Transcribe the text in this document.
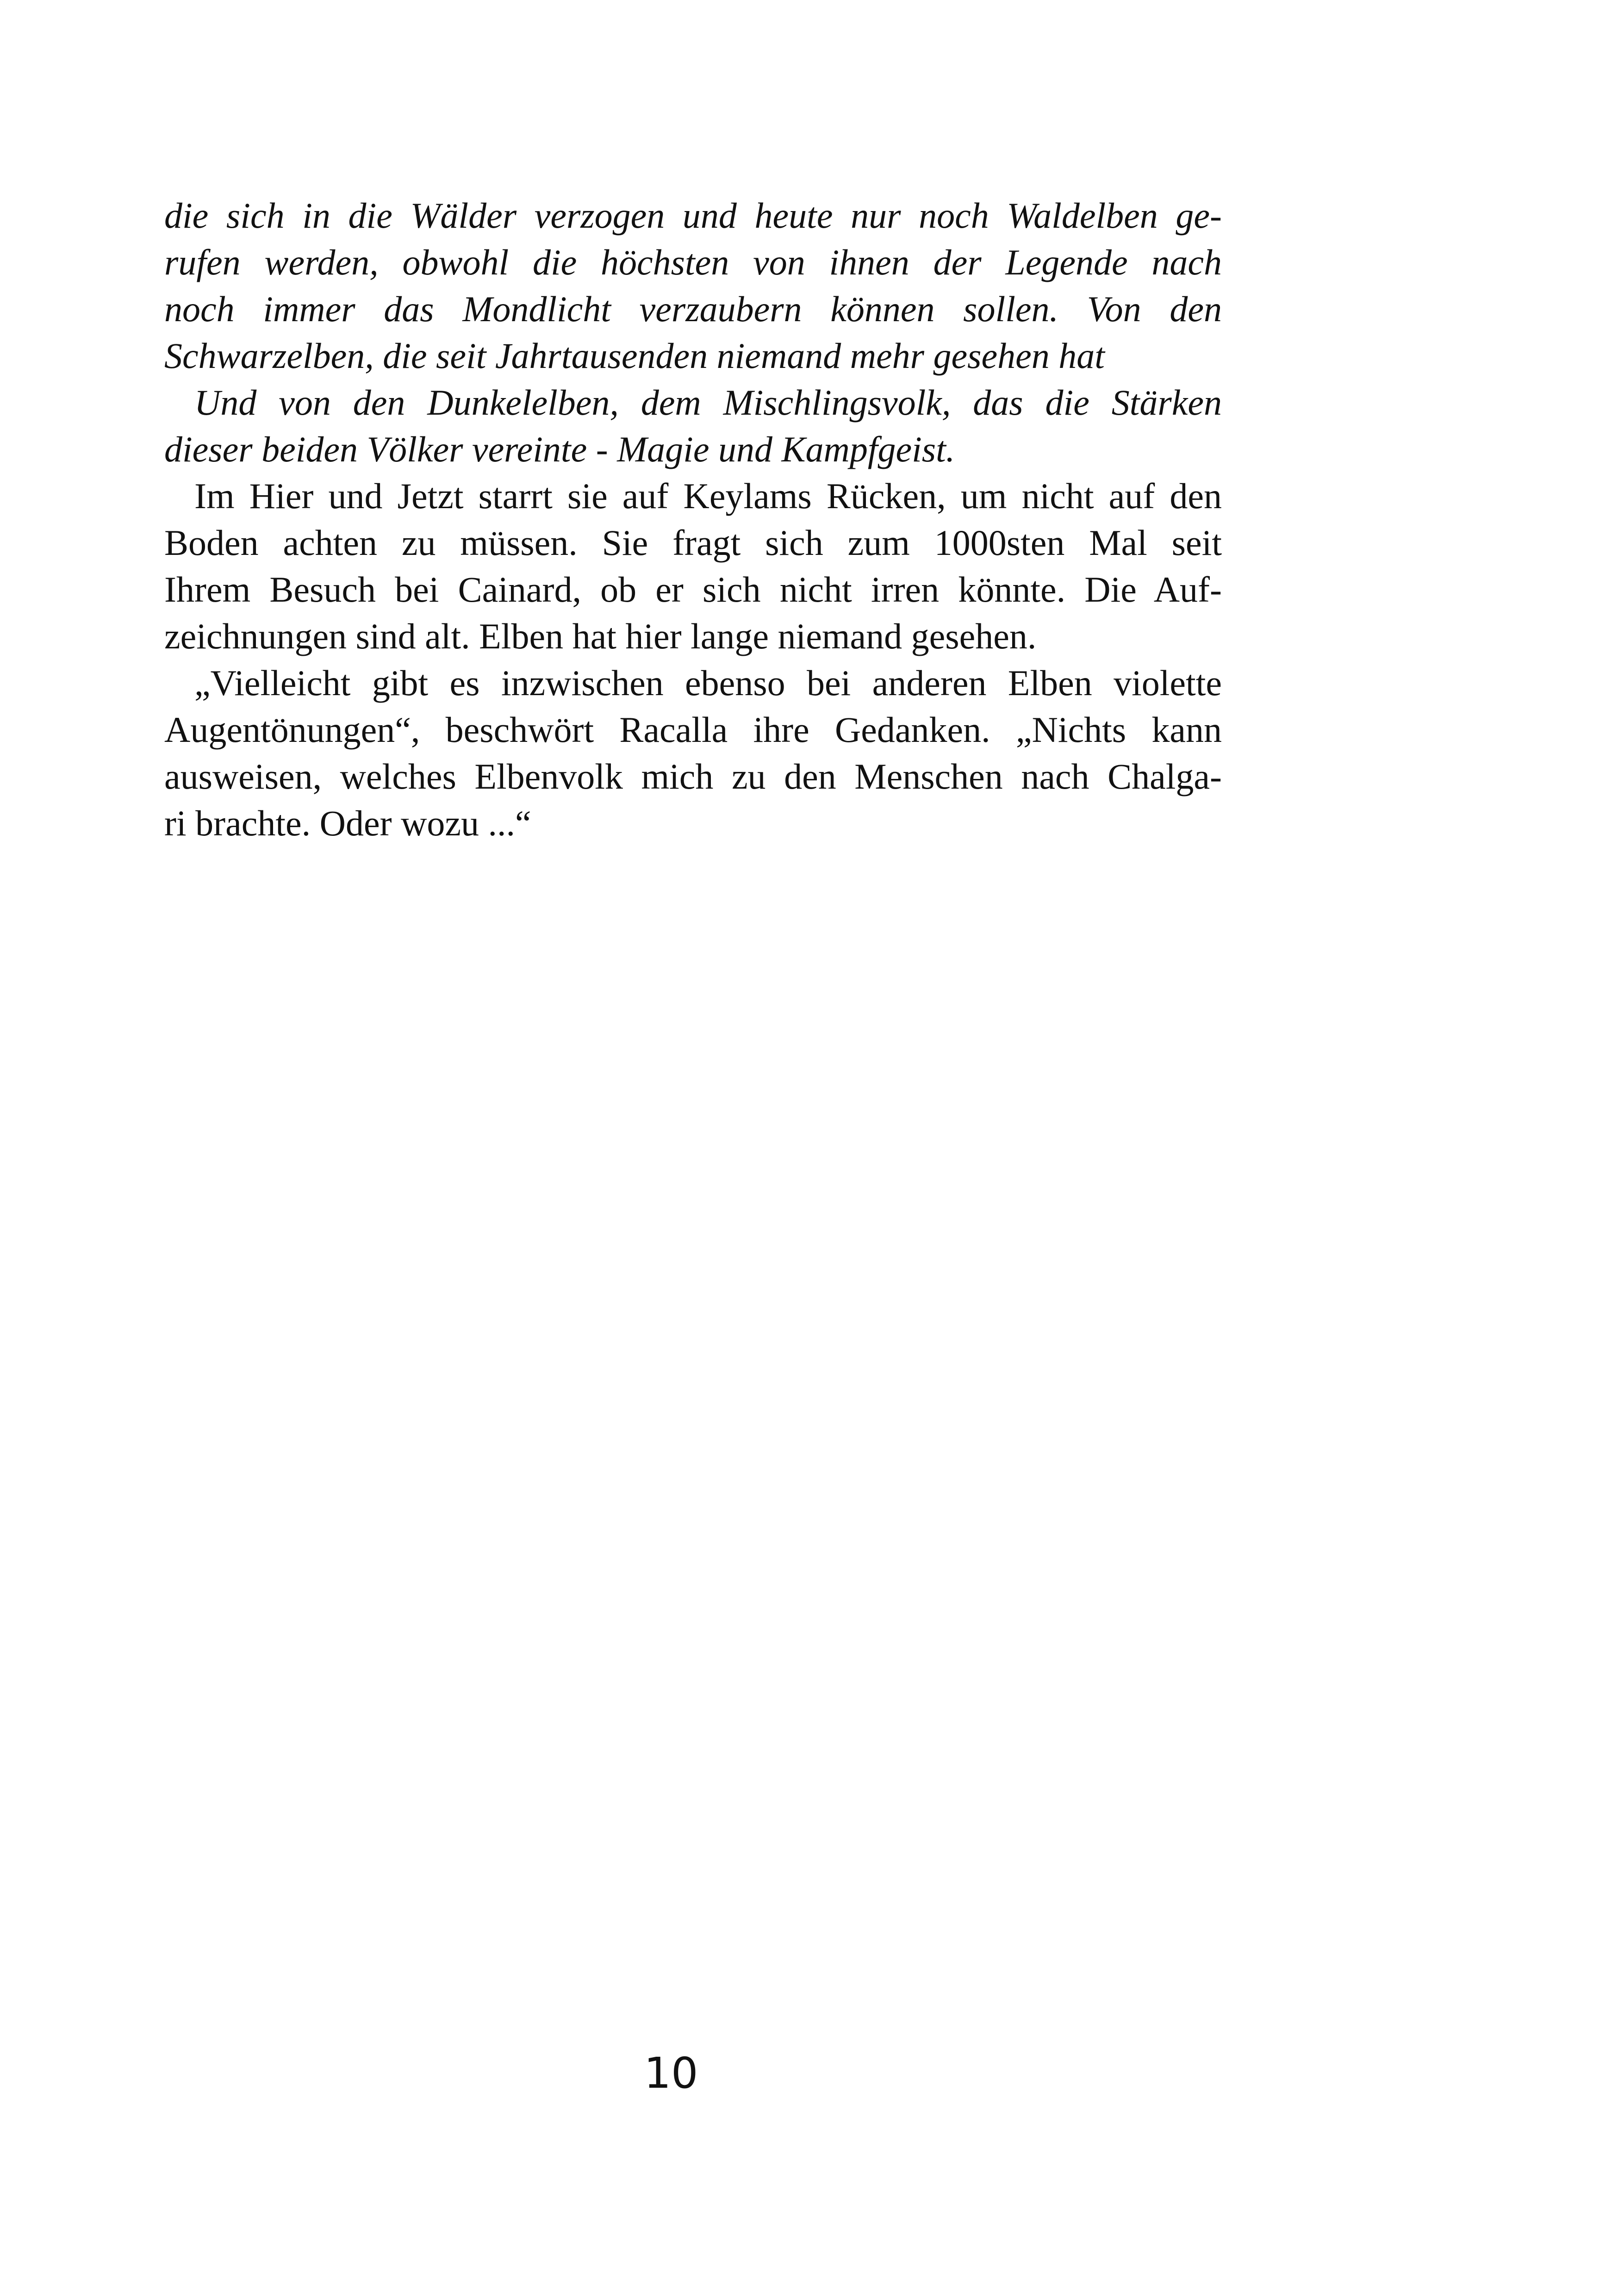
die sich in die Wälder verzogen und heute nur noch Waldelben ge-
rufen werden, obwohl die höchsten von ihnen der Legende nach
noch immer das Mondlicht verzaubern können sollen. Von den
Schwarzelben, die seit Jahrtausenden niemand mehr gesehen hat

Und von den Dunkelelben, dem Mischlingsvolk, das die Stärken
dieser beiden Völker vereinte - Magie und Kampfgeist.

Im Hier und Jetzt starrt sie auf Keylams Rücken, um nicht auf den
Boden achten zu müssen. Sie fragt sich zum 1000sten Mal seit
Ihrem Besuch bei Cainard, ob er sich nicht irren könnte. Die Auf-
zeichnungen sind alt. Elben hat hier lange niemand gesehen.

„Vielleicht gibt es inzwischen ebenso bei anderen Elben violette
Augentönungen“, beschwört Racalla ihre Gedanken. „Nichts kann
ausweisen, welches Elbenvolk mich zu den Menschen nach Chalga-
ri brachte. Oder wozu ...“

10
